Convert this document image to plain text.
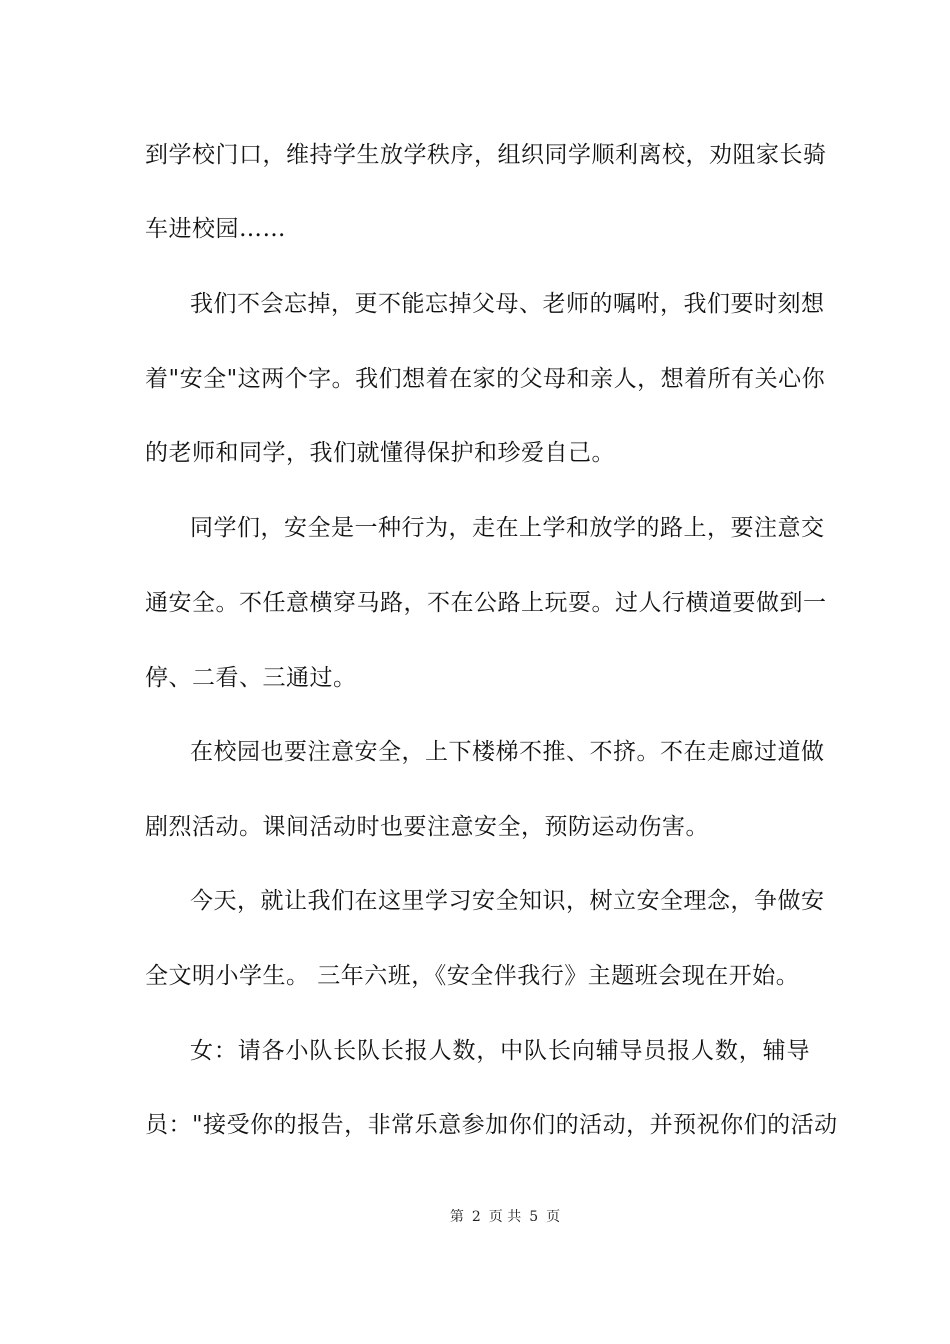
到学校门口，维持学生放学秩序，组织同学顺利离校，劝阻家长骑
车进校园……
我们不会忘掉，更不能忘掉父母、老师的嘱咐，我们要时刻想
着"安全"这两个字。我们想着在家的父母和亲人，想着所有关心你
的老师和同学，我们就懂得保护和珍爱自己。
同学们，安全是一种行为，走在上学和放学的路上，要注意交
通安全。不任意横穿马路，不在公路上玩耍。过人行横道要做到一
停、二看、三通过。
在校园也要注意安全，上下楼梯不推、不挤。不在走廊过道做
剧烈活动。课间活动时也要注意安全，预防运动伤害。
今天，就让我们在这里学习安全知识，树立安全理念，争做安
全文明小学生。 三年六班，《安全伴我行》主题班会现在开始。
女：请各小队长队长报人数，中队长向辅导员报人数，辅导
员："接受你的报告，非常乐意参加你们的活动，并预祝你们的活动
第 2 页 共 5 页
